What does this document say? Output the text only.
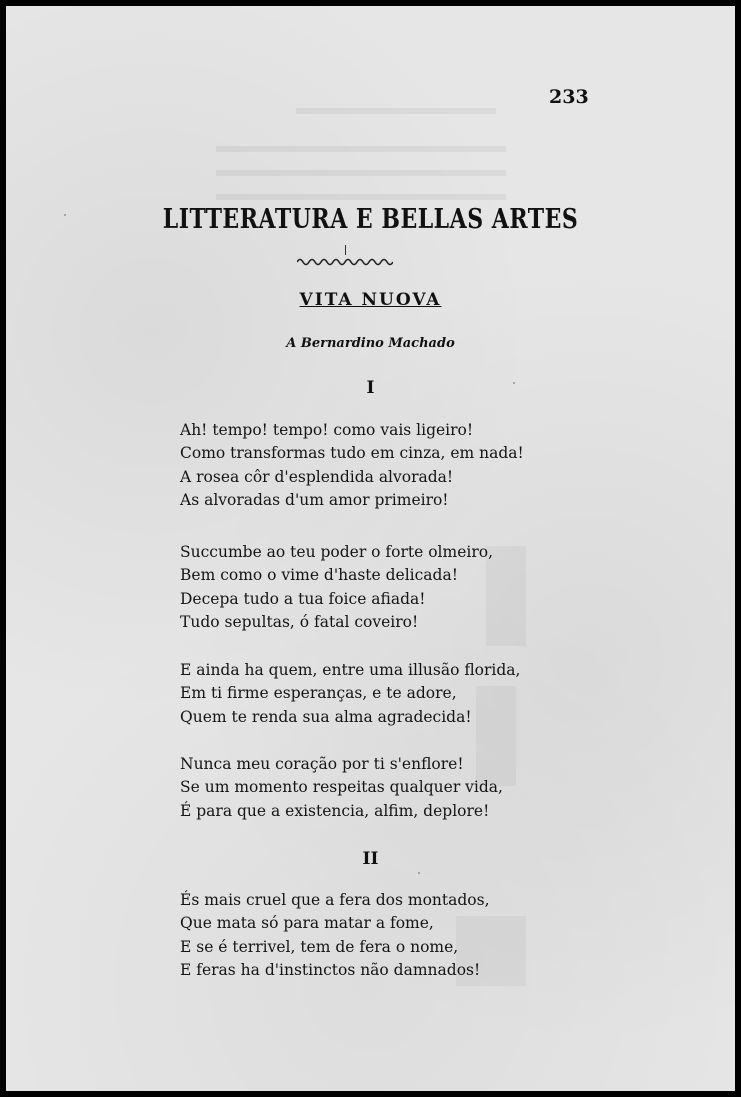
233
LITTERATURA E BELLAS ARTES
VITA NUOVA
A Bernardino Machado
I
Ah! tempo! tempo! como vais ligeiro!
Como transformas tudo em cinza, em nada!
A rosea côr d'esplendida alvorada!
As alvoradas d'um amor primeiro!
Succumbe ao teu poder o forte olmeiro,
Bem como o vime d'haste delicada!
Decepa tudo a tua foice afiada!
Tudo sepultas, ó fatal coveiro!
E ainda ha quem, entre uma illusão florida,
Em ti firme esperanças, e te adore,
Quem te renda sua alma agradecida!
Nunca meu coração por ti s'enflore!
Se um momento respeitas qualquer vida,
É para que a existencia, alfim, deplore!
II
És mais cruel que a fera dos montados,
Que mata só para matar a fome,
E se é terrivel, tem de fera o nome,
E feras ha d'instinctos não damnados!
